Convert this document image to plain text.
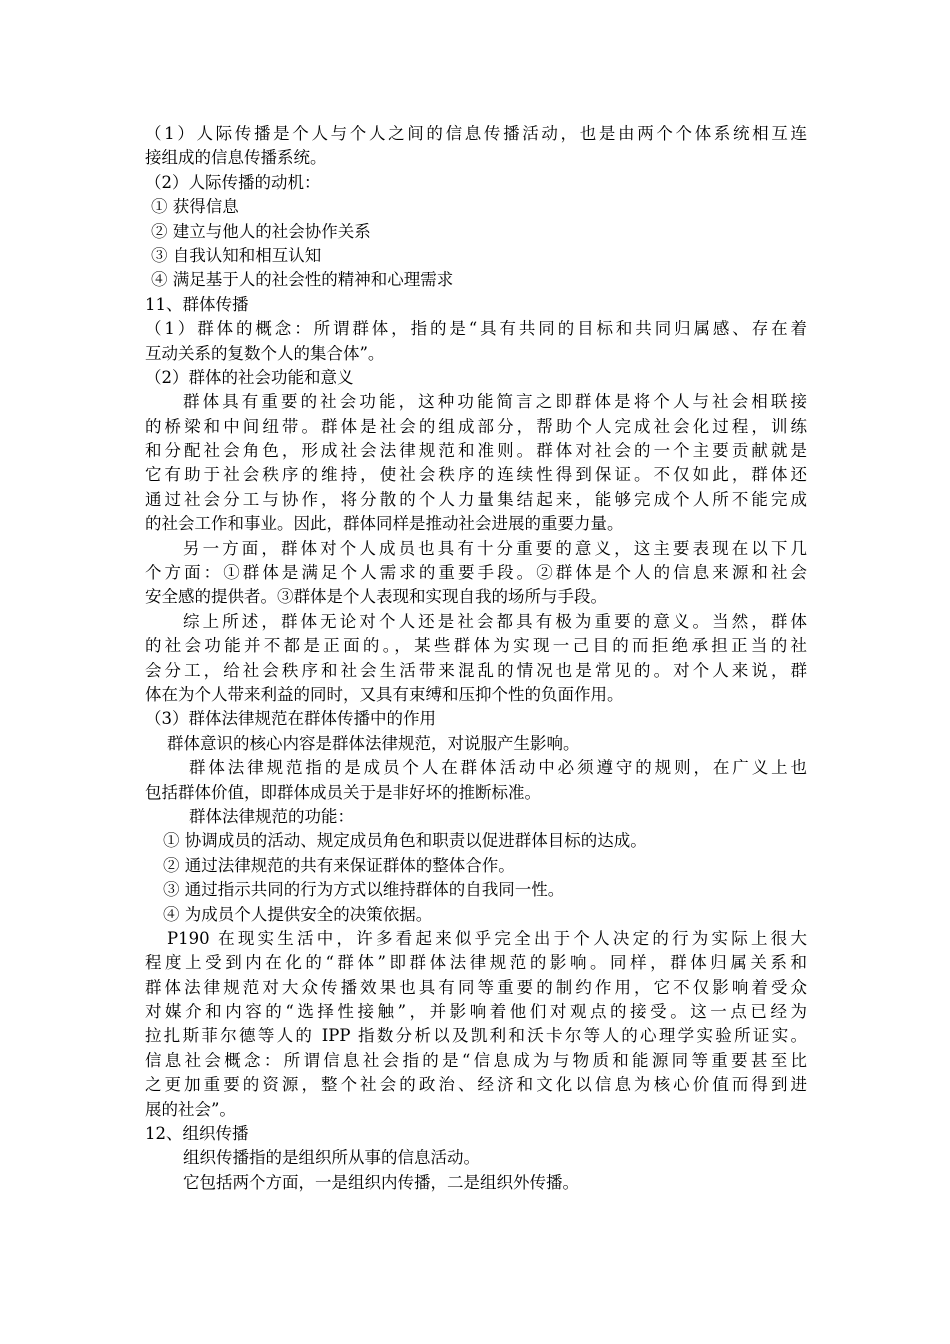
（1）人际传播是个人与个人之间的信息传播活动，也是由两个个体系统相互连
接组成的信息传播系统。
（2）人际传播的动机：
① 获得信息
② 建立与他人的社会协作关系
③ 自我认知和相互认知
④ 满足基于人的社会性的精神和心理需求
11、群体传播
（1）群体的概念：所谓群体，指的是“具有共同的目标和共同归属感、存在着
互动关系的复数个人的集合体”。
（2）群体的社会功能和意义
群体具有重要的社会功能，这种功能简言之即群体是将个人与社会相联接
的桥梁和中间纽带。群体是社会的组成部分，帮助个人完成社会化过程，训练
和分配社会角色，形成社会法律规范和准则。群体对社会的一个主要贡献就是
它有助于社会秩序的维持，使社会秩序的连续性得到保证。不仅如此，群体还
通过社会分工与协作，将分散的个人力量集结起来，能够完成个人所不能完成
的社会工作和事业。因此，群体同样是推动社会进展的重要力量。
另一方面，群体对个人成员也具有十分重要的意义，这主要表现在以下几
个方面：①群体是满足个人需求的重要手段。②群体是个人的信息来源和社会
安全感的提供者。③群体是个人表现和实现自我的场所与手段。
综上所述，群体无论对个人还是社会都具有极为重要的意义。当然，群体
的社会功能并不都是正面的。，某些群体为实现一己目的而拒绝承担正当的社
会分工，给社会秩序和社会生活带来混乱的情况也是常见的。对个人来说，群
体在为个人带来利益的同时，又具有束缚和压抑个性的负面作用。
（3）群体法律规范在群体传播中的作用
群体意识的核心内容是群体法律规范，对说服产生影响。
群体法律规范指的是成员个人在群体活动中必须遵守的规则，在广义上也
包括群体价值，即群体成员关于是非好坏的推断标准。
群体法律规范的功能：
① 协调成员的活动、规定成员角色和职责以促进群体目标的达成。
② 通过法律规范的共有来保证群体的整体合作。
③ 通过指示共同的行为方式以维持群体的自我同一性。
④ 为成员个人提供安全的决策依据。
P190 在现实生活中，许多看起来似乎完全出于个人决定的行为实际上很大
程度上受到内在化的“群体”即群体法律规范的影响。同样，群体归属关系和
群体法律规范对大众传播效果也具有同等重要的制约作用，它不仅影响着受众
对媒介和内容的“选择性接触”，并影响着他们对观点的接受。这一点已经为
拉扎斯菲尔德等人的 IPP 指数分析以及凯利和沃卡尔等人的心理学实验所证实。
信息社会概念：所谓信息社会指的是“信息成为与物质和能源同等重要甚至比
之更加重要的资源，整个社会的政治、经济和文化以信息为核心价值而得到进
展的社会”。
12、组织传播
组织传播指的是组织所从事的信息活动。
它包括两个方面，一是组织内传播，二是组织外传播。
